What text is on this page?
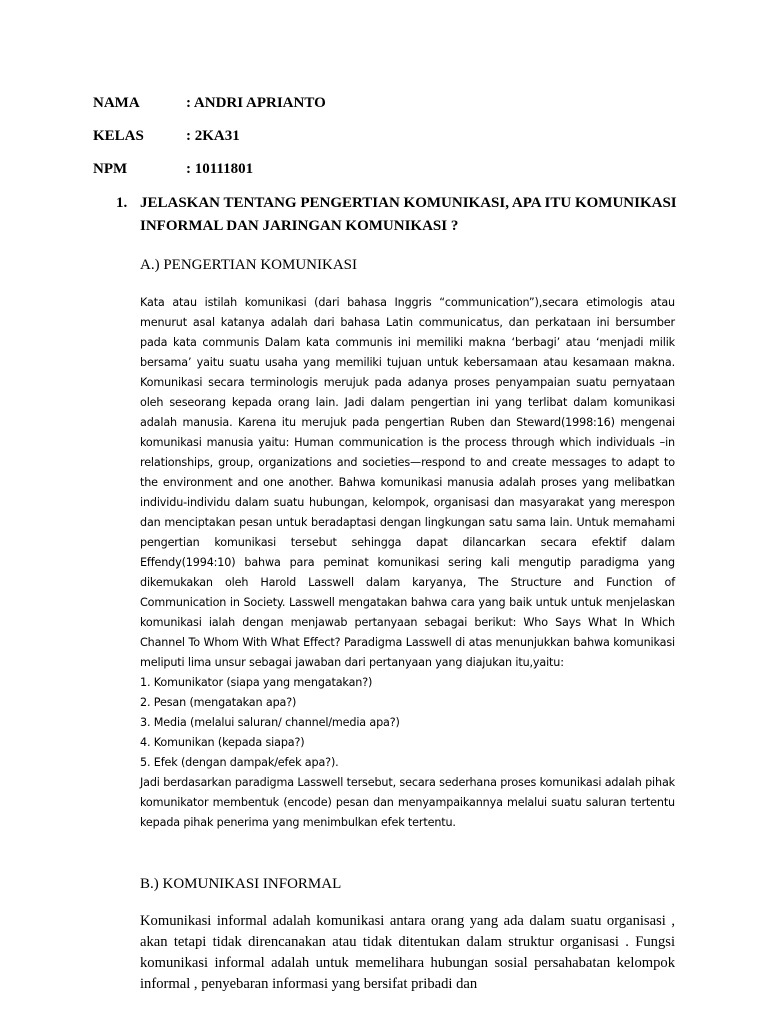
NAMA	: ANDRI APRIANTO
KELAS	: 2KA31
NPM	: 10111801
1. JELASKAN TENTANG PENGERTIAN KOMUNIKASI, APA ITU KOMUNIKASI INFORMAL DAN JARINGAN KOMUNIKASI ?
A.) PENGERTIAN KOMUNIKASI

Kata atau istilah komunikasi (dari bahasa Inggris “communication”),secara etimologis atau menurut asal katanya adalah dari bahasa Latin communicatus, dan perkataan ini bersumber pada kata communis Dalam kata communis ini memiliki makna ‘berbagi’ atau ‘menjadi milik bersama’ yaitu suatu usaha yang memiliki tujuan untuk kebersamaan atau kesamaan makna. Komunikasi secara terminologis merujuk pada adanya proses penyampaian suatu pernyataan oleh seseorang kepada orang lain. Jadi dalam pengertian ini yang terlibat dalam komunikasi adalah manusia. Karena itu merujuk pada pengertian Ruben dan Steward(1998:16) mengenai komunikasi manusia yaitu: Human communication is the process through which individuals –in relationships, group, organizations and societies—respond to and create messages to adapt to the environment and one another. Bahwa komunikasi manusia adalah proses yang melibatkan individu-individu dalam suatu hubungan, kelompok, organisasi dan masyarakat yang merespon dan menciptakan pesan untuk beradaptasi dengan lingkungan satu sama lain. Untuk memahami pengertian komunikasi tersebut sehingga dapat dilancarkan secara efektif dalam Effendy(1994:10) bahwa para peminat komunikasi sering kali mengutip paradigma yang dikemukakan oleh Harold Lasswell dalam karyanya, The Structure and Function of Communication in Society. Lasswell mengatakan bahwa cara yang baik untuk untuk menjelaskan komunikasi ialah dengan menjawab pertanyaan sebagai berikut: Who Says What In Which Channel To Whom With What Effect? Paradigma Lasswell di atas menunjukkan bahwa komunikasi meliputi lima unsur sebagai jawaban dari pertanyaan yang diajukan itu,yaitu:

1. Komunikator (siapa yang mengatakan?)
2. Pesan (mengatakan apa?)
3. Media (melalui saluran/ channel/media apa?)
4. Komunikan (kepada siapa?)
5. Efek (dengan dampak/efek apa?).

Jadi berdasarkan paradigma Lasswell tersebut, secara sederhana proses komunikasi adalah pihak komunikator membentuk (encode) pesan dan menyampaikannya melalui suatu saluran tertentu kepada pihak penerima yang menimbulkan efek tertentu.

B.) KOMUNIKASI INFORMAL

Komunikasi informal adalah komunikasi antara orang yang ada dalam suatu organisasi , akan tetapi tidak direncanakan atau tidak ditentukan dalam struktur organisasi . Fungsi komunikasi informal adalah untuk memelihara hubungan sosial persahabatan kelompok informal , penyebaran informasi yang bersifat pribadi dan
